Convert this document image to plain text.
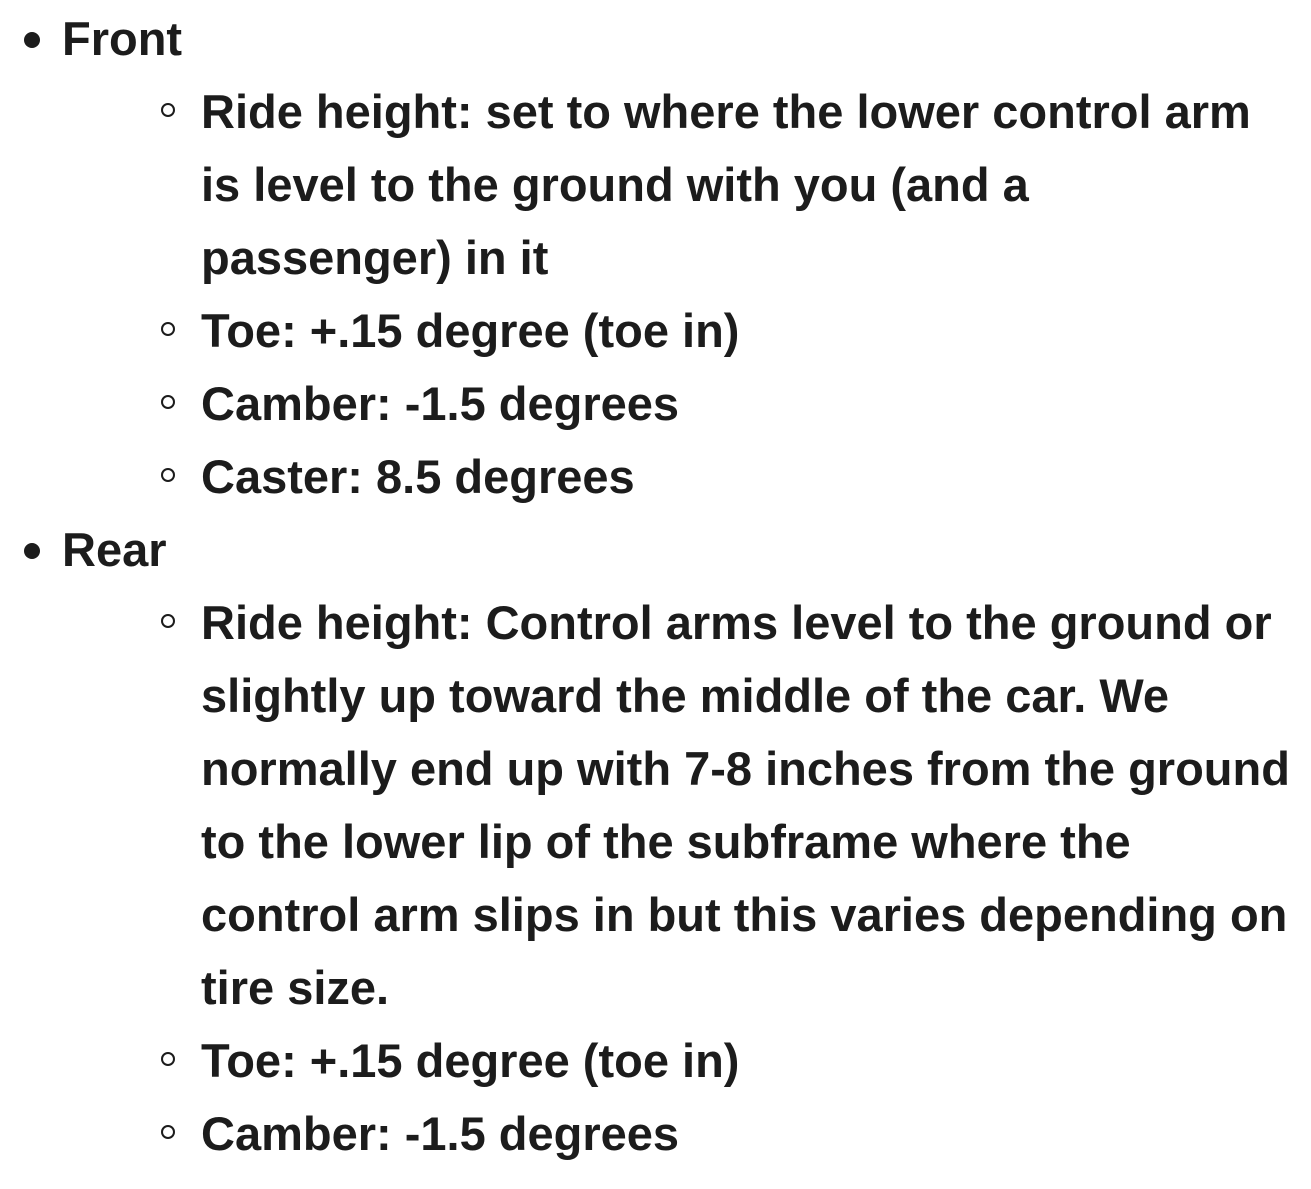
Front
Ride height: set to where the lower control arm is level to the ground with you (and a passenger) in it
Toe: +.15 degree (toe in)
Camber: -1.5 degrees
Caster: 8.5 degrees
Rear
Ride height: Control arms level to the ground or slightly up toward the middle of the car. We normally end up with 7-8 inches from the ground to the lower lip of the subframe where the control arm slips in but this varies depending on tire size.
Toe: +.15 degree (toe in)
Camber: -1.5 degrees
